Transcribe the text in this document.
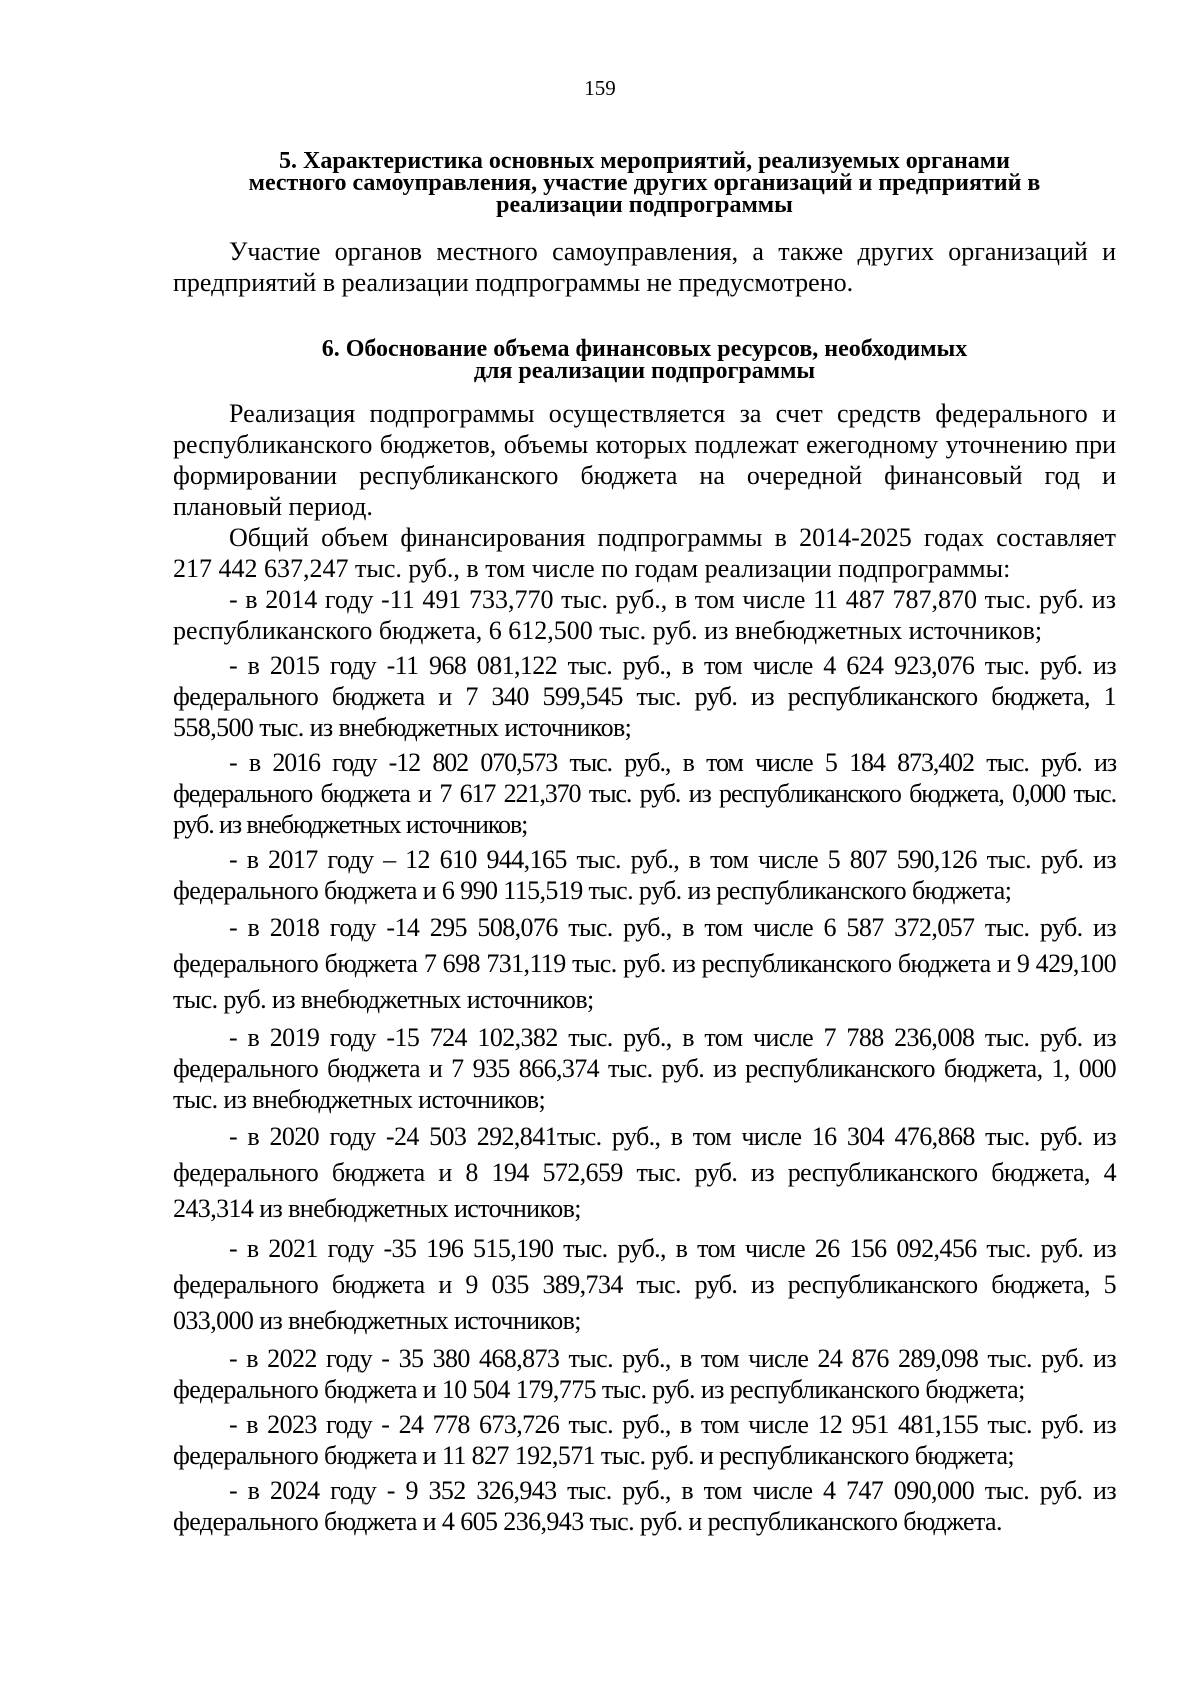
159
5. Характеристика основных мероприятий, реализуемых органами
местного самоуправления, участие других организаций и предприятий в
реализации подпрограммы

Участие органов местного самоуправления, а также других организаций и предприятий в реализации подпрограммы не предусмотрено.

6. Обоснование объема финансовых ресурсов, необходимых
для реализации подпрограммы

Реализация подпрограммы осуществляется за счет средств федерального и республиканского бюджетов, объемы которых подлежат ежегодному уточнению при формировании республиканского бюджета на очередной финансовый год и плановый период.

Общий объем финансирования подпрограммы в 2014-2025 годах составляет 217 442 637,247 тыс. руб., в том числе по годам реализации подпрограммы:

- в 2014 году -11 491 733,770 тыс. руб., в том числе 11 487 787,870 тыс. руб. из республиканского бюджета, 6 612,500 тыс. руб. из внебюджетных источников;

- в 2015 году -11 968 081,122 тыс. руб., в том числе 4 624 923,076 тыс. руб. из федерального бюджета и 7 340 599,545 тыс. руб. из республиканского бюджета, 1 558,500 тыс. из внебюджетных источников;

- в 2016 году -12 802 070,573 тыс. руб., в том числе 5 184 873,402 тыс. руб. из федерального бюджета и 7 617 221,370 тыс. руб. из республиканского бюджета, 0,000 тыс. руб. из внебюджетных источников;

- в 2017 году – 12 610 944,165 тыс. руб., в том числе 5 807 590,126 тыс. руб. из федерального бюджета и 6 990 115,519 тыс. руб. из республиканского бюджета;

- в 2018 году -14 295 508,076 тыс. руб., в том числе 6 587 372,057 тыс. руб. из федерального бюджета 7 698 731,119 тыс. руб. из республиканского бюджета и 9 429,100 тыс. руб. из внебюджетных источников;

- в 2019 году -15 724 102,382 тыс. руб., в том числе 7 788 236,008 тыс. руб. из федерального бюджета и 7 935 866,374 тыс. руб. из республиканского бюджета, 1, 000 тыс. из внебюджетных источников;

- в 2020 году -24 503 292,841тыс. руб., в том числе 16 304 476,868 тыс. руб. из федерального бюджета и 8 194 572,659 тыс. руб. из республиканского бюджета, 4 243,314 из внебюджетных источников;

- в 2021 году -35 196 515,190 тыс. руб., в том числе 26 156 092,456 тыс. руб. из федерального бюджета и 9 035 389,734 тыс. руб. из республиканского бюджета, 5 033,000 из внебюджетных источников;

- в 2022 году - 35 380 468,873 тыс. руб., в том числе 24 876 289,098 тыс. руб. из федерального бюджета и 10 504 179,775 тыс. руб. из республиканского бюджета;

- в 2023 году - 24 778 673,726 тыс. руб., в том числе 12 951 481,155 тыс. руб. из федерального бюджета и 11 827 192,571 тыс. руб. и республиканского бюджета;

- в 2024 году - 9 352 326,943 тыс. руб., в том числе 4 747 090,000 тыс. руб. из федерального бюджета и 4 605 236,943 тыс. руб. и республиканского бюджета.
